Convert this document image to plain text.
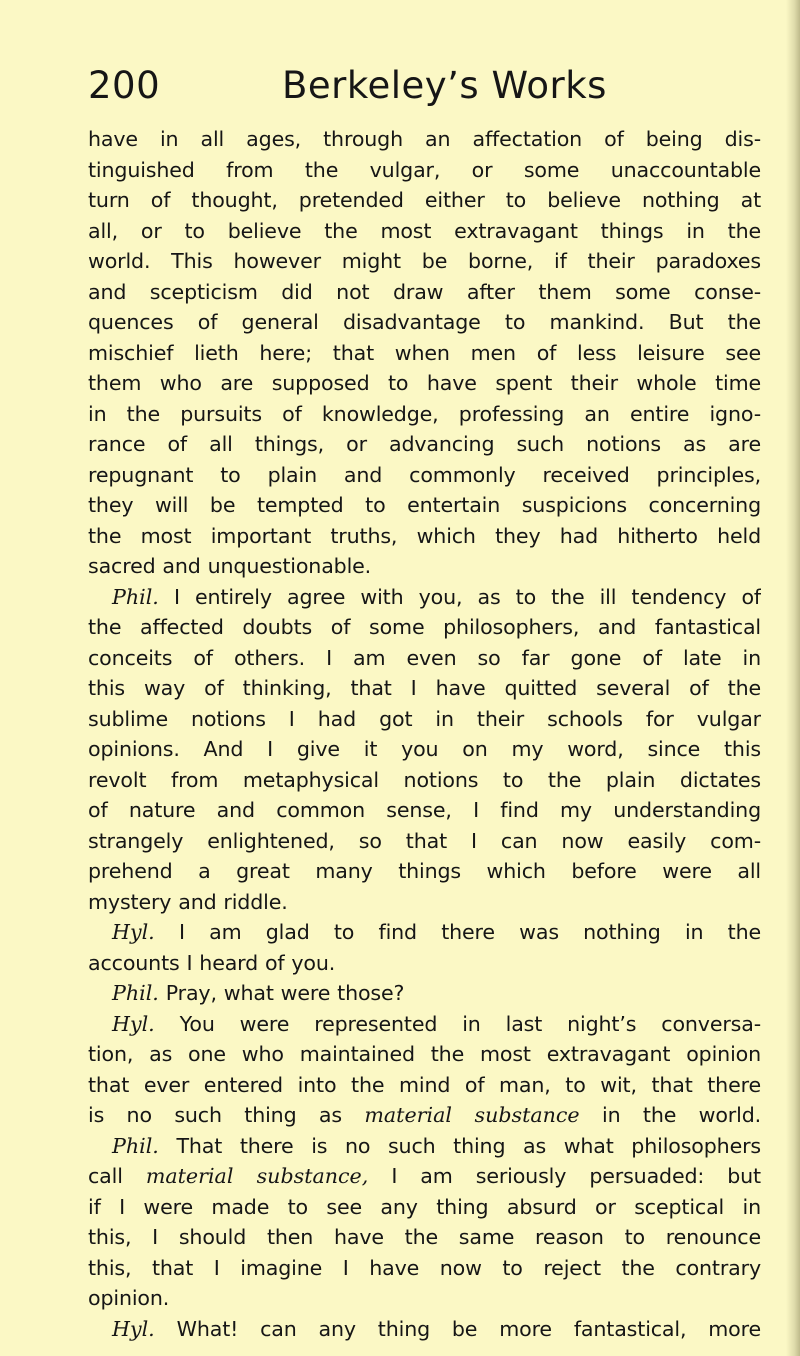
200	Berkeley’s Works
have in all ages, through an affectation of being dis-
tinguished from the vulgar, or some unaccountable
turn of thought, pretended either to believe nothing at
all, or to believe the most extravagant things in the
world. This however might be borne, if their paradoxes
and scepticism did not draw after them some conse-
quences of general disadvantage to mankind. But the
mischief lieth here; that when men of less leisure see
them who are supposed to have spent their whole time
in the pursuits of knowledge, professing an entire igno-
rance of all things, or advancing such notions as are
repugnant to plain and commonly received principles,
they will be tempted to entertain suspicions concerning
the most important truths, which they had hitherto held
sacred and unquestionable.
Phil. I entirely agree with you, as to the ill tendency of
the affected doubts of some philosophers, and fantastical
conceits of others. I am even so far gone of late in
this way of thinking, that I have quitted several of the
sublime notions I had got in their schools for vulgar
opinions. And I give it you on my word, since this
revolt from metaphysical notions to the plain dictates
of nature and common sense, I find my understanding
strangely enlightened, so that I can now easily com-
prehend a great many things which before were all
mystery and riddle.
Hyl. I am glad to find there was nothing in the
accounts I heard of you.
Phil. Pray, what were those?
Hyl. You were represented in last night’s conversa-
tion, as one who maintained the most extravagant opinion
that ever entered into the mind of man, to wit, that there
is no such thing as material substance in the world.
Phil. That there is no such thing as what philosophers
call material substance, I am seriously persuaded: but
if I were made to see any thing absurd or sceptical in
this, I should then have the same reason to renounce
this, that I imagine I have now to reject the contrary
opinion.
Hyl. What! can any thing be more fantastical, more
